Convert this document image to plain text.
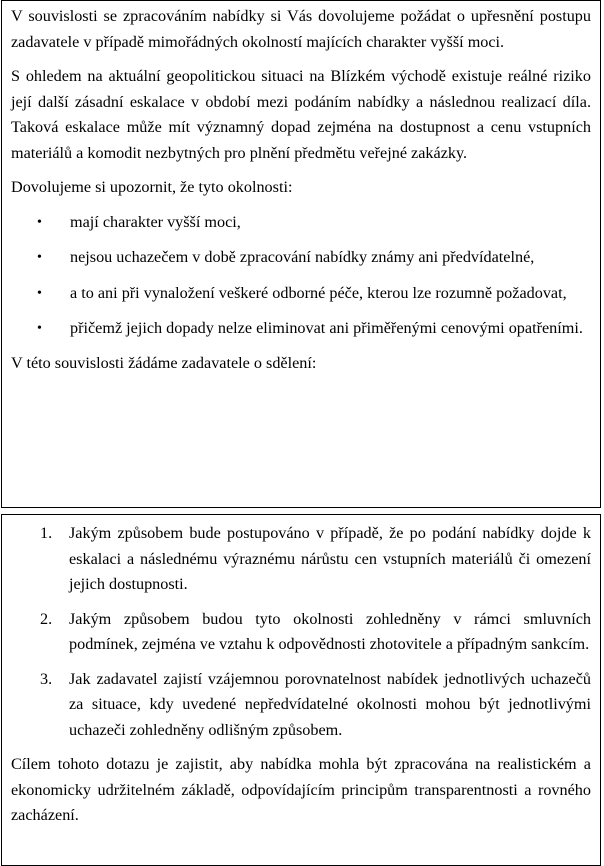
V souvislosti se zpracováním nabídky si Vás dovolujeme požádat o upřesnění postupu zadavatele v případě mimořádných okolností majících charakter vyšší moci.

S ohledem na aktuální geopolitickou situaci na Blízkém východě existuje reálné riziko její další zásadní eskalace v období mezi podáním nabídky a následnou realizací díla. Taková eskalace může mít významný dopad zejména na dostupnost a cenu vstupních materiálů a komodit nezbytných pro plnění předmětu veřejné zakázky.

Dovolujeme si upozornit, že tyto okolnosti:

• mají charakter vyšší moci,
• nejsou uchazečem v době zpracování nabídky známy ani předvídatelné,
• a to ani při vynaložení veškeré odborné péče, kterou lze rozumně požadovat,
• přičemž jejich dopady nelze eliminovat ani přiměřenými cenovými opatřeními.

V této souvislosti žádáme zadavatele o sdělení:

1. Jakým způsobem bude postupováno v případě, že po podání nabídky dojde k eskalaci a následnému výraznému nárůstu cen vstupních materiálů či omezení jejich dostupnosti.
2. Jakým způsobem budou tyto okolnosti zohledněny v rámci smluvních podmínek, zejména ve vztahu k odpovědnosti zhotovitele a případným sankcím.
3. Jak zadavatel zajistí vzájemnou porovnatelnost nabídek jednotlivých uchazečů za situace, kdy uvedené nepředvídatelné okolnosti mohou být jednotlivými uchazeči zohledněny odlišným způsobem.

Cílem tohoto dotazu je zajistit, aby nabídka mohla být zpracována na realistickém a ekonomicky udržitelném základě, odpovídajícím principům transparentnosti a rovného zacházení.
